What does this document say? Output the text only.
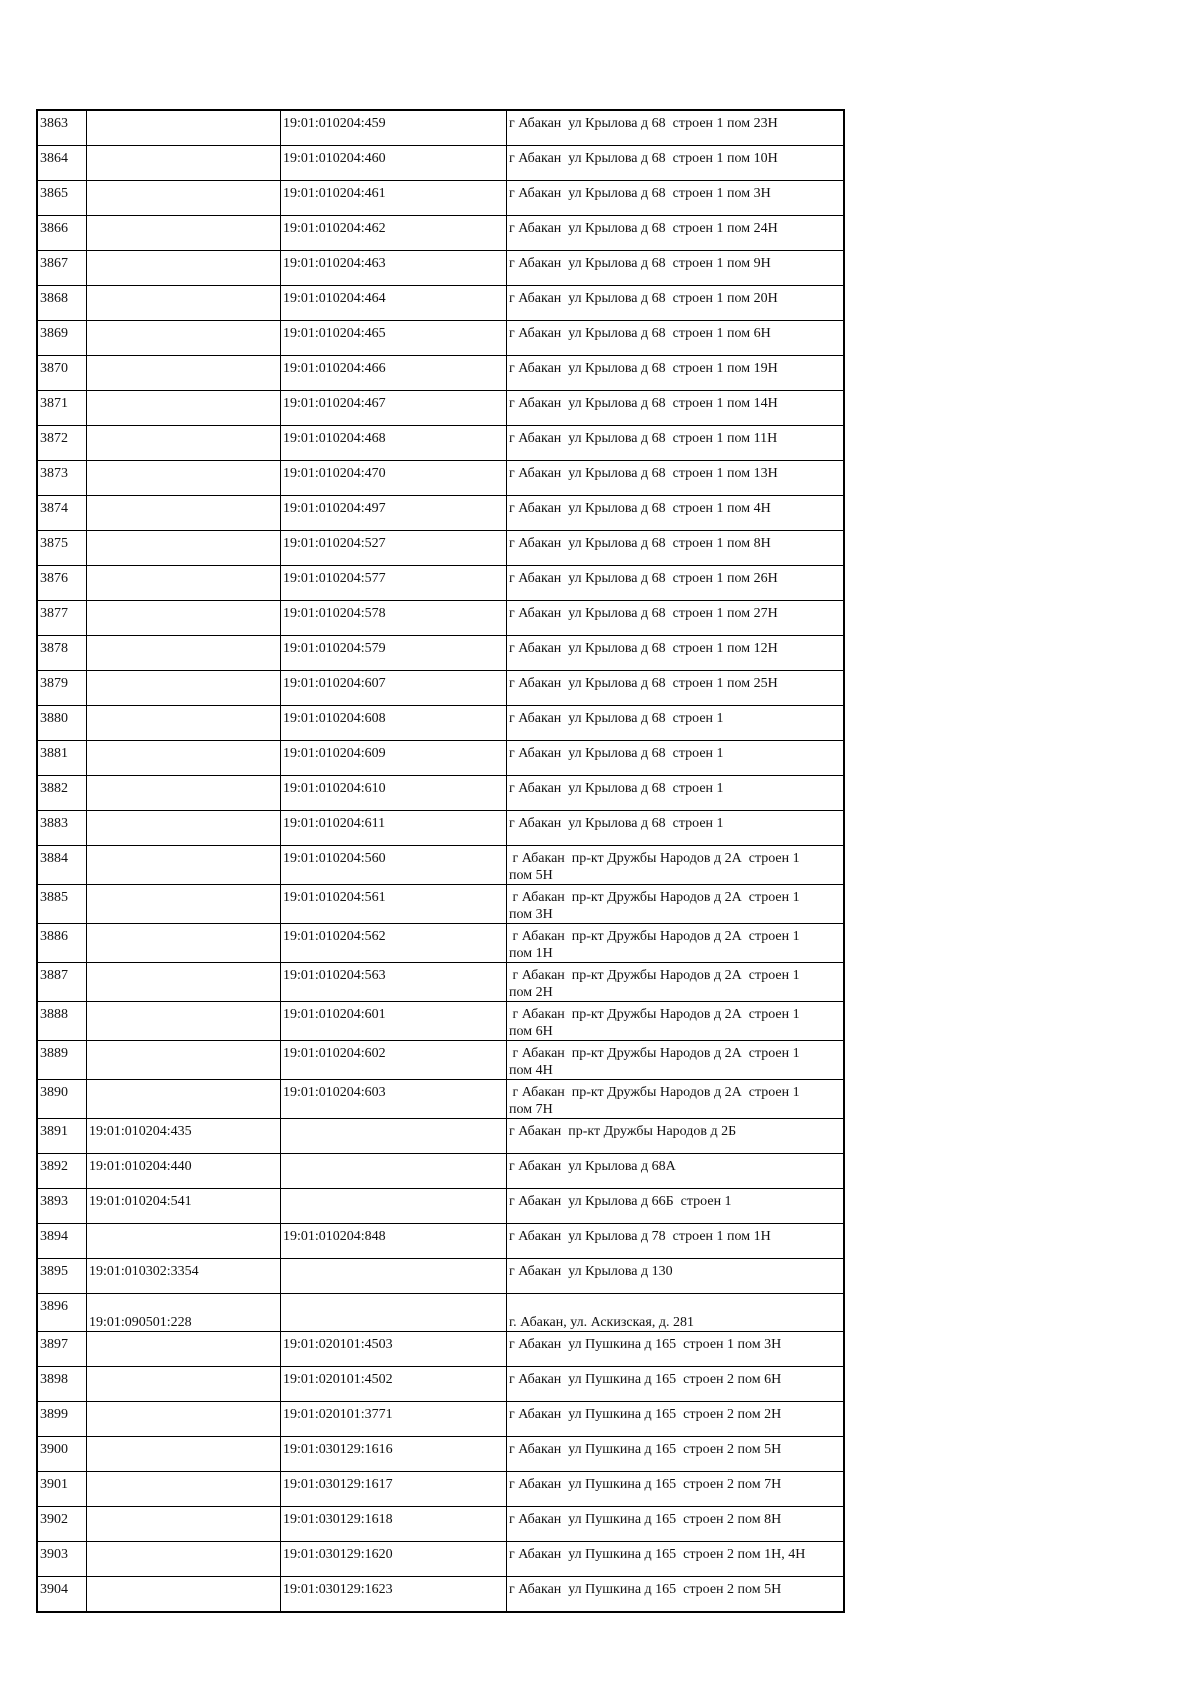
3863		19:01:010204:459	г Абакан  ул Крылова д 68  строен 1 пом 23Н

3864		19:01:010204:460	г Абакан  ул Крылова д 68  строен 1 пом 10Н

3865		19:01:010204:461	г Абакан  ул Крылова д 68  строен 1 пом 3Н

3866		19:01:010204:462	г Абакан  ул Крылова д 68  строен 1 пом 24Н

3867		19:01:010204:463	г Абакан  ул Крылова д 68  строен 1 пом 9Н

3868		19:01:010204:464	г Абакан  ул Крылова д 68  строен 1 пом 20Н

3869		19:01:010204:465	г Абакан  ул Крылова д 68  строен 1 пом 6Н

3870		19:01:010204:466	г Абакан  ул Крылова д 68  строен 1 пом 19Н

3871		19:01:010204:467	г Абакан  ул Крылова д 68  строен 1 пом 14Н

3872		19:01:010204:468	г Абакан  ул Крылова д 68  строен 1 пом 11Н

3873		19:01:010204:470	г Абакан  ул Крылова д 68  строен 1 пом 13Н

3874		19:01:010204:497	г Абакан  ул Крылова д 68  строен 1 пом 4Н

3875		19:01:010204:527	г Абакан  ул Крылова д 68  строен 1 пом 8Н

3876		19:01:010204:577	г Абакан  ул Крылова д 68  строен 1 пом 26Н

3877		19:01:010204:578	г Абакан  ул Крылова д 68  строен 1 пом 27Н

3878		19:01:010204:579	г Абакан  ул Крылова д 68  строен 1 пом 12Н

3879		19:01:010204:607	г Абакан  ул Крылова д 68  строен 1 пом 25Н

3880		19:01:010204:608	г Абакан  ул Крылова д 68  строен 1

3881		19:01:010204:609	г Абакан  ул Крылова д 68  строен 1

3882		19:01:010204:610	г Абакан  ул Крылова д 68  строен 1

3883		19:01:010204:611	г Абакан  ул Крылова д 68  строен 1

3884		19:01:010204:560	г Абакан  пр-кт Дружбы Народов д 2А  строен 1 пом 5Н

3885		19:01:010204:561	г Абакан  пр-кт Дружбы Народов д 2А  строен 1 пом 3Н

3886		19:01:010204:562	г Абакан  пр-кт Дружбы Народов д 2А  строен 1 пом 1Н

3887		19:01:010204:563	г Абакан  пр-кт Дружбы Народов д 2А  строен 1 пом 2Н

3888		19:01:010204:601	г Абакан  пр-кт Дружбы Народов д 2А  строен 1 пом 6Н

3889		19:01:010204:602	г Абакан  пр-кт Дружбы Народов д 2А  строен 1 пом 4Н

3890		19:01:010204:603	г Абакан  пр-кт Дружбы Народов д 2А  строен 1 пом 7Н

3891	19:01:010204:435		г Абакан  пр-кт Дружбы Народов д 2Б

3892	19:01:010204:440		г Абакан  ул Крылова д 68А

3893	19:01:010204:541		г Абакан  ул Крылова д 66Б  строен 1

3894		19:01:010204:848	г Абакан  ул Крылова д 78  строен 1 пом 1Н

3895	19:01:010302:3354		г Абакан  ул Крылова д 130

3896	19:01:090501:228		г. Абакан, ул. Аскизская, д. 281

3897		19:01:020101:4503	г Абакан  ул Пушкина д 165  строен 1 пом 3Н

3898		19:01:020101:4502	г Абакан  ул Пушкина д 165  строен 2 пом 6Н

3899		19:01:020101:3771	г Абакан  ул Пушкина д 165  строен 2 пом 2Н

3900		19:01:030129:1616	г Абакан  ул Пушкина д 165  строен 2 пом 5Н

3901		19:01:030129:1617	г Абакан  ул Пушкина д 165  строен 2 пом 7Н

3902		19:01:030129:1618	г Абакан  ул Пушкина д 165  строен 2 пом 8Н

3903		19:01:030129:1620	г Абакан  ул Пушкина д 165  строен 2 пом 1Н, 4Н

3904		19:01:030129:1623	г Абакан  ул Пушкина д 165  строен 2 пом 5Н
